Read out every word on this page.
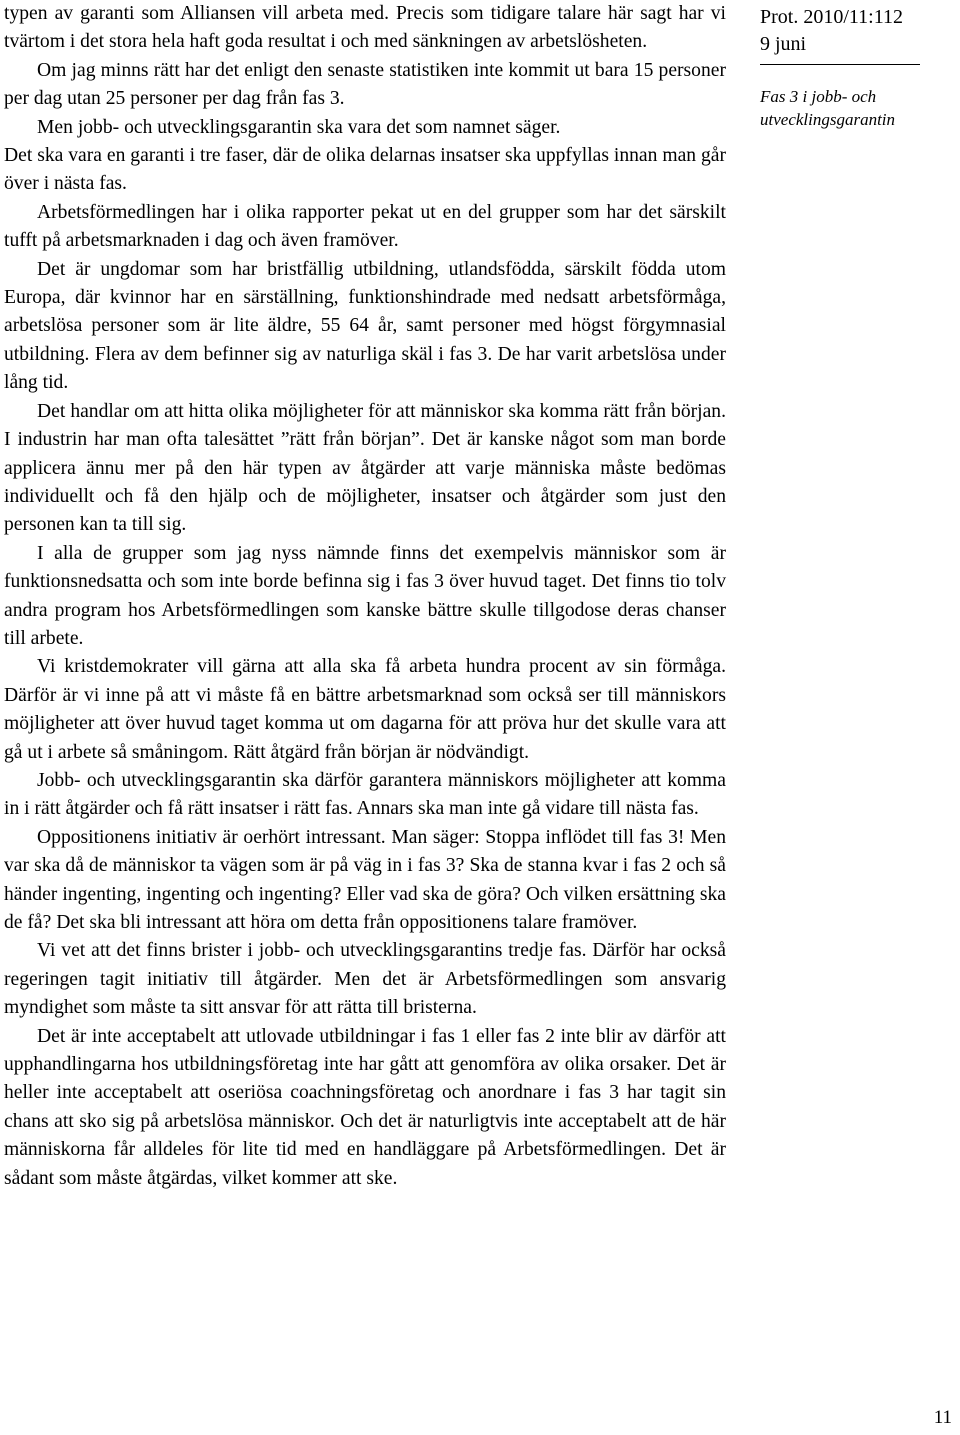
typen av garanti som Alliansen vill arbeta med. Precis som tidigare talare här sagt har vi tvärtom i det stora hela haft goda resultat i och med sänkningen av arbetslösheten.

Om jag minns rätt har det enligt den senaste statistiken inte kommit ut bara 15 personer per dag utan 25 personer per dag från fas 3.

Men jobb- och utvecklingsgarantin ska vara det som namnet säger.

Det ska vara en garanti i tre faser, där de olika delarnas insatser ska uppfyllas innan man går över i nästa fas.

Arbetsförmedlingen har i olika rapporter pekat ut en del grupper som har det särskilt tufft på arbetsmarknaden i dag och även framöver.

Det är ungdomar som har bristfällig utbildning, utlandsfödda, särskilt födda utom Europa, där kvinnor har en särställning, funktionshindrade med nedsatt arbetsförmåga, arbetslösa personer som är lite äldre, 55 64 år, samt personer med högst förgymnasial utbildning. Flera av dem befinner sig av naturliga skäl i fas 3. De har varit arbetslösa under lång tid.

Det handlar om att hitta olika möjligheter för att människor ska komma rätt från början. I industrin har man ofta talesättet ”rätt från början”. Det är kanske något som man borde applicera ännu mer på den här typen av åtgärder att varje människa måste bedömas individuellt och få den hjälp och de möjligheter, insatser och åtgärder som just den personen kan ta till sig.

I alla de grupper som jag nyss nämnde finns det exempelvis människor som är funktionsnedsatta och som inte borde befinna sig i fas 3 över huvud taget. Det finns tio tolv andra program hos Arbetsförmedlingen som kanske bättre skulle tillgodose deras chanser till arbete.

Vi kristdemokrater vill gärna att alla ska få arbeta hundra procent av sin förmåga. Därför är vi inne på att vi måste få en bättre arbetsmarknad som också ser till människors möjligheter att över huvud taget komma ut om dagarna för att pröva hur det skulle vara att gå ut i arbete så småningom. Rätt åtgärd från början är nödvändigt.

Jobb- och utvecklingsgarantin ska därför garantera människors möjligheter att komma in i rätt åtgärder och få rätt insatser i rätt fas. Annars ska man inte gå vidare till nästa fas.

Oppositionens initiativ är oerhört intressant. Man säger: Stoppa inflödet till fas 3! Men var ska då de människor ta vägen som är på väg in i fas 3? Ska de stanna kvar i fas 2 och så händer ingenting, ingenting och ingenting? Eller vad ska de göra? Och vilken ersättning ska de få? Det ska bli intressant att höra om detta från oppositionens talare framöver.

Vi vet att det finns brister i jobb- och utvecklingsgarantins tredje fas. Därför har också regeringen tagit initiativ till åtgärder. Men det är Arbetsförmedlingen som ansvarig myndighet som måste ta sitt ansvar för att rätta till bristerna.

Det är inte acceptabelt att utlovade utbildningar i fas 1 eller fas 2 inte blir av därför att upphandlingarna hos utbildningsföretag inte har gått att genomföra av olika orsaker. Det är heller inte acceptabelt att oseriösa coachningsföretag och anordnare i fas 3 har tagit sin chans att sko sig på arbetslösa människor. Och det är naturligtvis inte acceptabelt att de här människorna får alldeles för lite tid med en handläggare på Arbetsförmedlingen. Det är sådant som måste åtgärdas, vilket kommer att ske.

Prot. 2010/11:112
9 juni
Fas 3 i jobb- och utvecklingsgarantin
11
